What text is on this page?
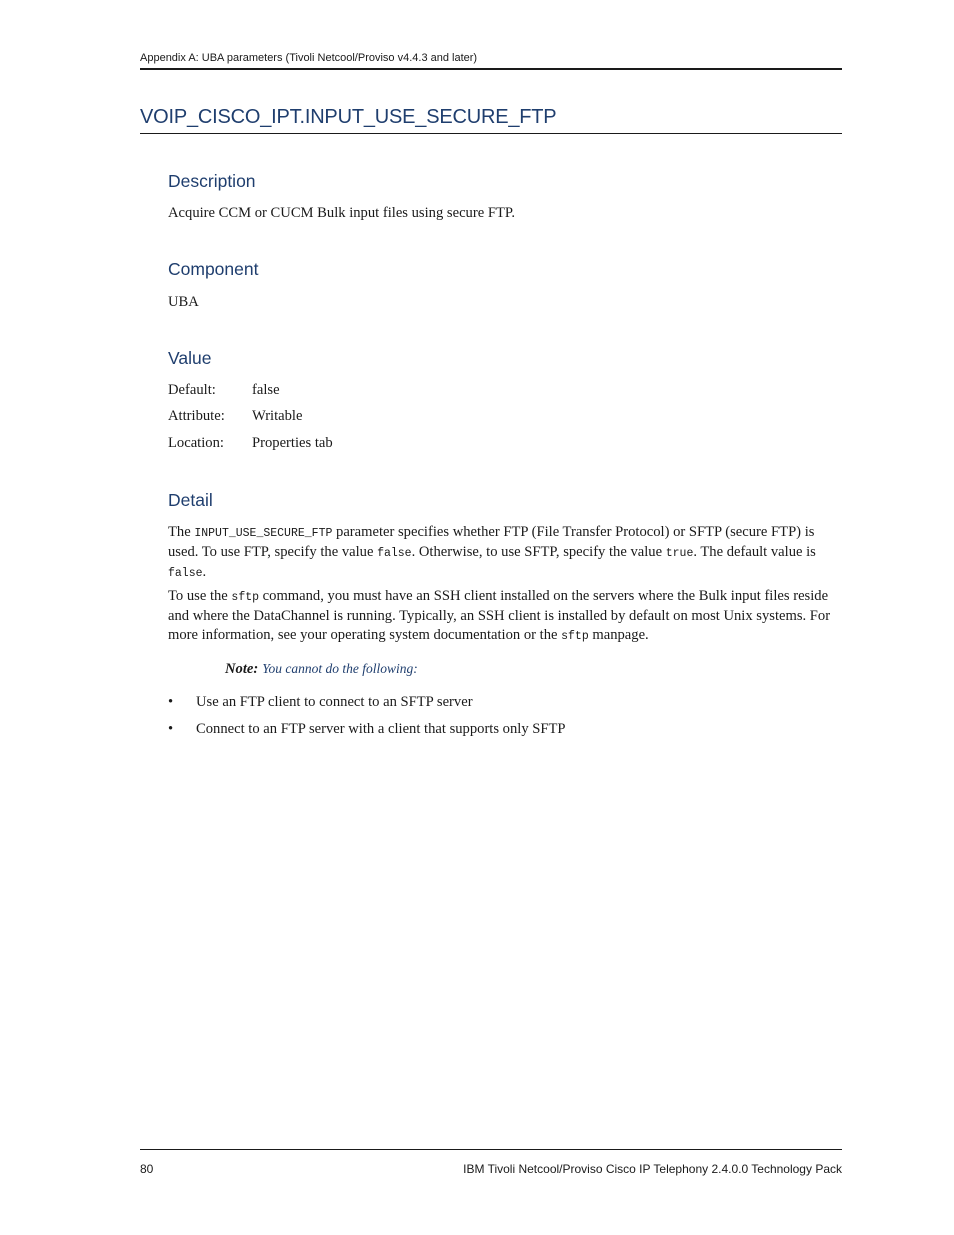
Appendix A: UBA parameters (Tivoli Netcool/Proviso v4.4.3 and later)
VOIP_CISCO_IPT.INPUT_USE_SECURE_FTP
Description
Acquire CCM or CUCM Bulk input files using secure FTP.
Component
UBA
Value
Default: false
Attribute: Writable
Location: Properties tab
Detail
The INPUT_USE_SECURE_FTP parameter specifies whether FTP (File Transfer Protocol) or SFTP (secure FTP) is used. To use FTP, specify the value false. Otherwise, to use SFTP, specify the value true. The default value is false.
To use the sftp command, you must have an SSH client installed on the servers where the Bulk input files reside and where the DataChannel is running. Typically, an SSH client is installed by default on most Unix systems. For more information, see your operating system documentation or the sftp manpage.
Note: You cannot do the following:
• Use an FTP client to connect to an SFTP server
• Connect to an FTP server with a client that supports only SFTP
80	IBM Tivoli Netcool/Proviso Cisco IP Telephony 2.4.0.0 Technology Pack
